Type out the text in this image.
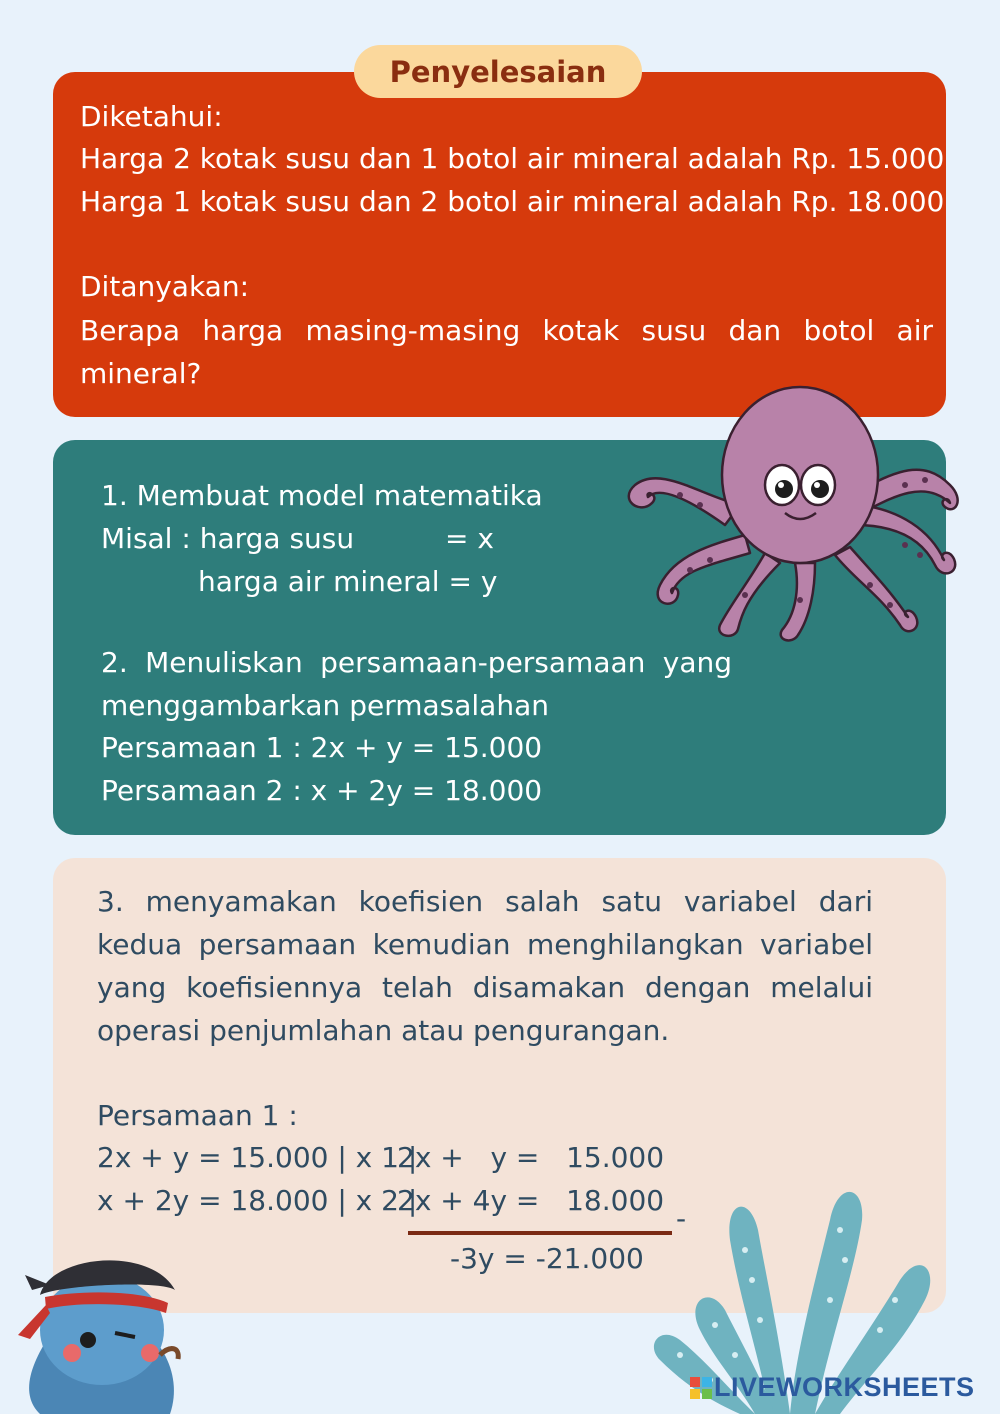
Penyelesaian
Diketahui:
Harga 2 kotak susu dan 1 botol air mineral adalah Rp. 15.000
Harga 1 kotak susu dan 2 botol air mineral adalah Rp. 18.000
Ditanyakan:
Berapa harga masing-masing kotak susu dan botol air
mineral?
1. Membuat model matematika
Misal : harga susu	= x
harga air mineral = y
2. Menuliskan persamaan-persamaan yang
menggambarkan permasalahan
Persamaan 1 : 2x + y = 15.000
Persamaan 2 : x + 2y = 18.000
3. menyamakan koefisien salah satu variabel dari
kedua persamaan kemudian menghilangkan variabel
yang koefisiennya telah disamakan dengan melalui
operasi penjumlahan atau pengurangan.
Persamaan 1 :
2x + y = 15.000 | x 1 |
2x +   y =   15.000
x + 2y = 18.000 | x 2 |
2x + 4y =   18.000
-
-3y = -21.000
LIVEWORKSHEETS
